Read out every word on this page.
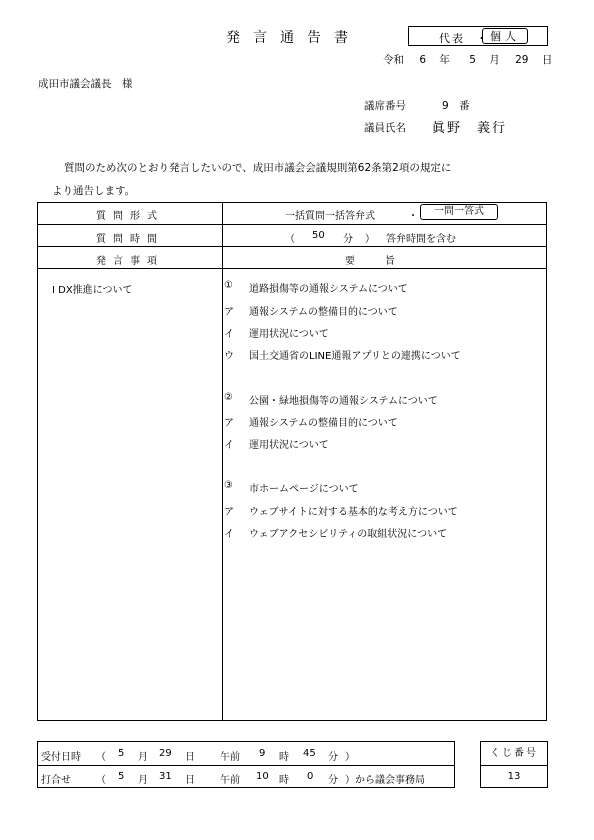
発言通告書	代表 ・ 個人
令和 6 年 5 月 29 日
成田市議会議長　様
議席番号	9　番
議員氏名 眞野　義行
質問のため次のとおり発言したいので、成田市議会会議規則第62条第2項の規定に
より通告します。
質問形式	一括質問一括答弁式	・	一問一答式
質問時間	（ 50 分 ） 答弁時間を含む
発言事項	要旨
Ⅰ DX推進について	① 道路損傷等の通報システムについて
ア 通報システムの整備目的について
イ 運用状況について
ウ 国土交通省のLINE通報アプリとの連携について
② 公園・緑地損傷等の通報システムについて
ア 通報システムの整備目的について
イ 運用状況について
③ 市ホームページについて
ア ウェブサイトに対する基本的な考え方について
イ ウェブアクセシビリティの取組状況について
受付日時 （ 5 月 29 日	午前 9 時 45 分 ）
打合せ	（ 5 月 31 日	午前 10 時 0 分 ）から議会事務局
くじ番号
13
